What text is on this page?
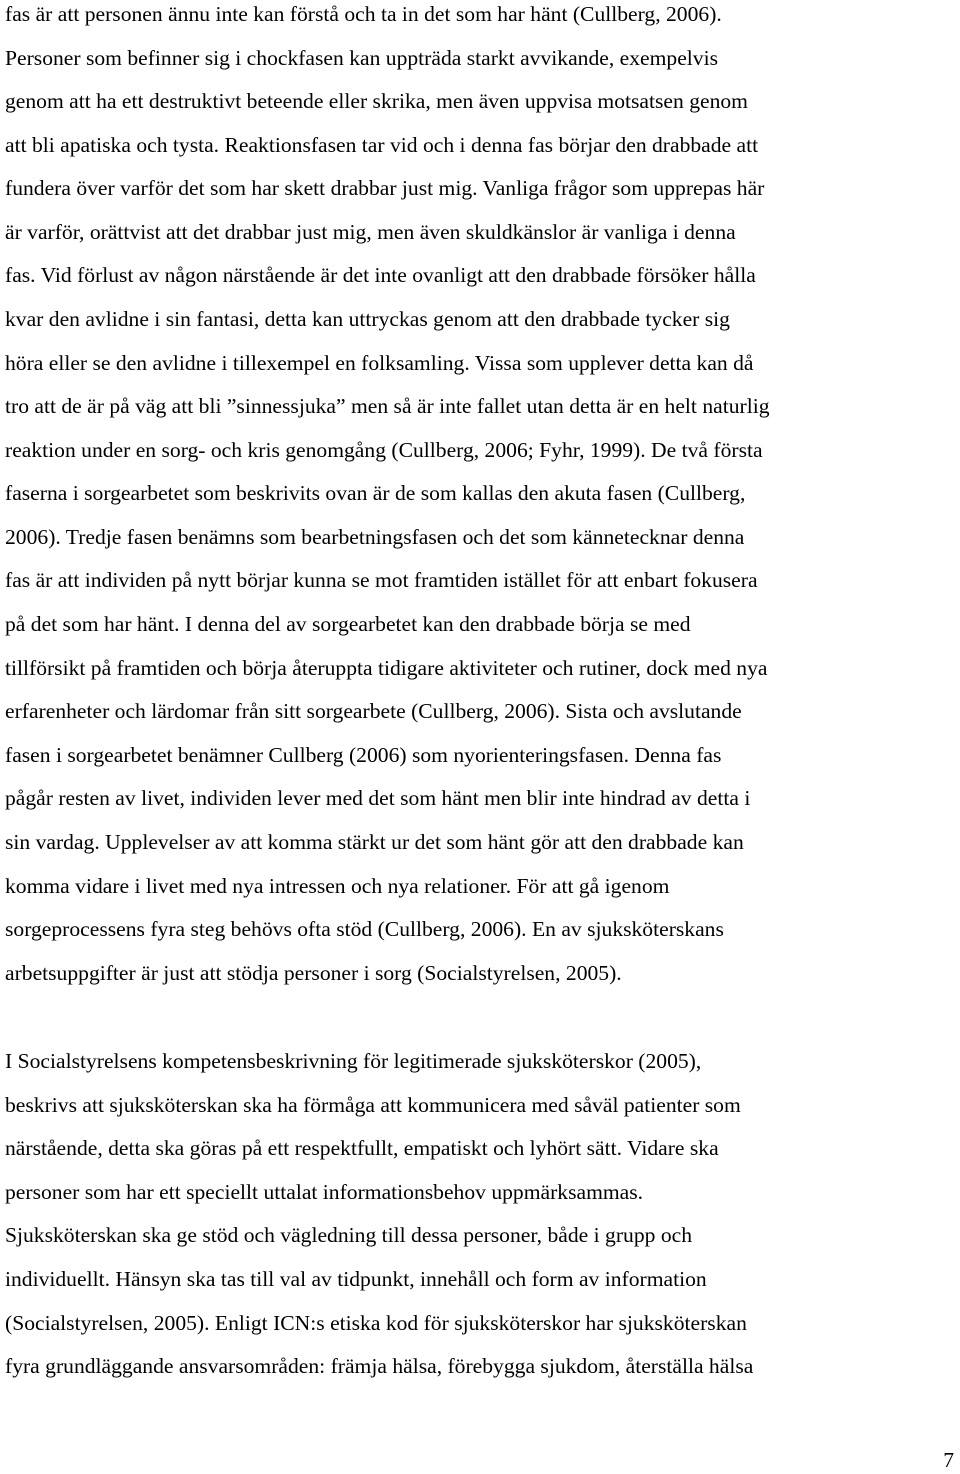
fas är att personen ännu inte kan förstå och ta in det som har hänt (Cullberg, 2006).
Personer som befinner sig i chockfasen kan uppträda starkt avvikande, exempelvis
genom att ha ett destruktivt beteende eller skrika, men även uppvisa motsatsen genom
att bli apatiska och tysta. Reaktionsfasen tar vid och i denna fas börjar den drabbade att
fundera över varför det som har skett drabbar just mig. Vanliga frågor som upprepas här
är varför, orättvist att det drabbar just mig, men även skuldkänslor är vanliga i denna
fas. Vid förlust av någon närstående är det inte ovanligt att den drabbade försöker hålla
kvar den avlidne i sin fantasi, detta kan uttryckas genom att den drabbade tycker sig
höra eller se den avlidne i tillexempel en folksamling. Vissa som upplever detta kan då
tro att de är på väg att bli ”sinnessjuka” men så är inte fallet utan detta är en helt naturlig
reaktion under en sorg- och kris genomgång (Cullberg, 2006; Fyhr, 1999). De två första
faserna i sorgearbetet som beskrivits ovan är de som kallas den akuta fasen (Cullberg,
2006). Tredje fasen benämns som bearbetningsfasen och det som kännetecknar denna
fas är att individen på nytt börjar kunna se mot framtiden istället för att enbart fokusera
på det som har hänt. I denna del av sorgearbetet kan den drabbade börja se med
tillförsikt på framtiden och börja återuppta tidigare aktiviteter och rutiner, dock med nya
erfarenheter och lärdomar från sitt sorgearbete (Cullberg, 2006). Sista och avslutande
fasen i sorgearbetet benämner Cullberg (2006) som nyorienteringsfasen. Denna fas
pågår resten av livet, individen lever med det som hänt men blir inte hindrad av detta i
sin vardag. Upplevelser av att komma stärkt ur det som hänt gör att den drabbade kan
komma vidare i livet med nya intressen och nya relationer. För att gå igenom
sorgeprocessens fyra steg behövs ofta stöd (Cullberg, 2006). En av sjuksköterskans
arbetsuppgifter är just att stödja personer i sorg (Socialstyrelsen, 2005).
I Socialstyrelsens kompetensbeskrivning för legitimerade sjuksköterskor (2005),
beskrivs att sjuksköterskan ska ha förmåga att kommunicera med såväl patienter som
närstående, detta ska göras på ett respektfullt, empatiskt och lyhört sätt. Vidare ska
personer som har ett speciellt uttalat informationsbehov uppmärksammas.
Sjuksköterskan ska ge stöd och vägledning till dessa personer, både i grupp och
individuellt. Hänsyn ska tas till val av tidpunkt, innehåll och form av information
(Socialstyrelsen, 2005). Enligt ICN:s etiska kod för sjuksköterskor har sjuksköterskan
fyra grundläggande ansvarsområden: främja hälsa, förebygga sjukdom, återställa hälsa
7
